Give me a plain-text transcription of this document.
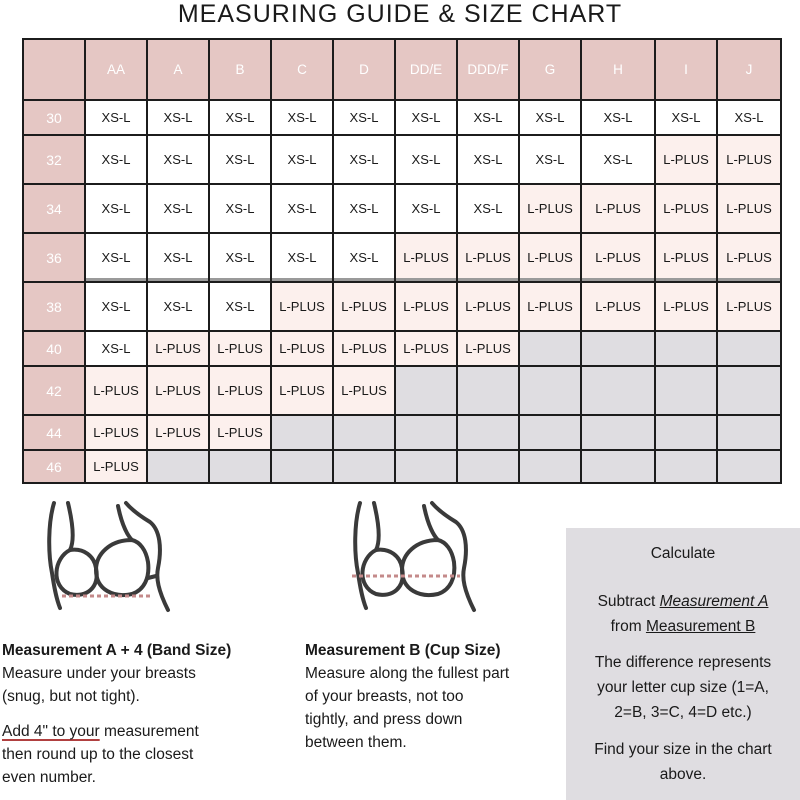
MEASURING GUIDE & SIZE CHART
	AA	A	B	C	D	DD/E	DDD/F	G	H	I	J
30	XS-L	XS-L	XS-L	XS-L	XS-L	XS-L	XS-L	XS-L	XS-L	XS-L	XS-L
32	XS-L	XS-L	XS-L	XS-L	XS-L	XS-L	XS-L	XS-L	XS-L	L-PLUS	L-PLUS
34	XS-L	XS-L	XS-L	XS-L	XS-L	XS-L	XS-L	L-PLUS	L-PLUS	L-PLUS	L-PLUS
36	XS-L	XS-L	XS-L	XS-L	XS-L	L-PLUS	L-PLUS	L-PLUS	L-PLUS	L-PLUS	L-PLUS
38	XS-L	XS-L	XS-L	L-PLUS	L-PLUS	L-PLUS	L-PLUS	L-PLUS	L-PLUS	L-PLUS	L-PLUS
40	XS-L	L-PLUS	L-PLUS	L-PLUS	L-PLUS	L-PLUS	L-PLUS				
42	L-PLUS	L-PLUS	L-PLUS	L-PLUS	L-PLUS						
44	L-PLUS	L-PLUS	L-PLUS								
46	L-PLUS										
Measurement A + 4 (Band Size)

Measure under your breasts

(snug, but not tight).

Add 4" to your measurement

then round up to the closest

even number.

Measurement B (Cup Size)

Measure along the fullest part

of your breasts, not too

tightly, and press down

between them.

Calculate
Subtract Measurement A
from Measurement B
The difference represents
your letter cup size (1=A,
2=B, 3=C, 4=D etc.)
Find your size in the chart
above.
